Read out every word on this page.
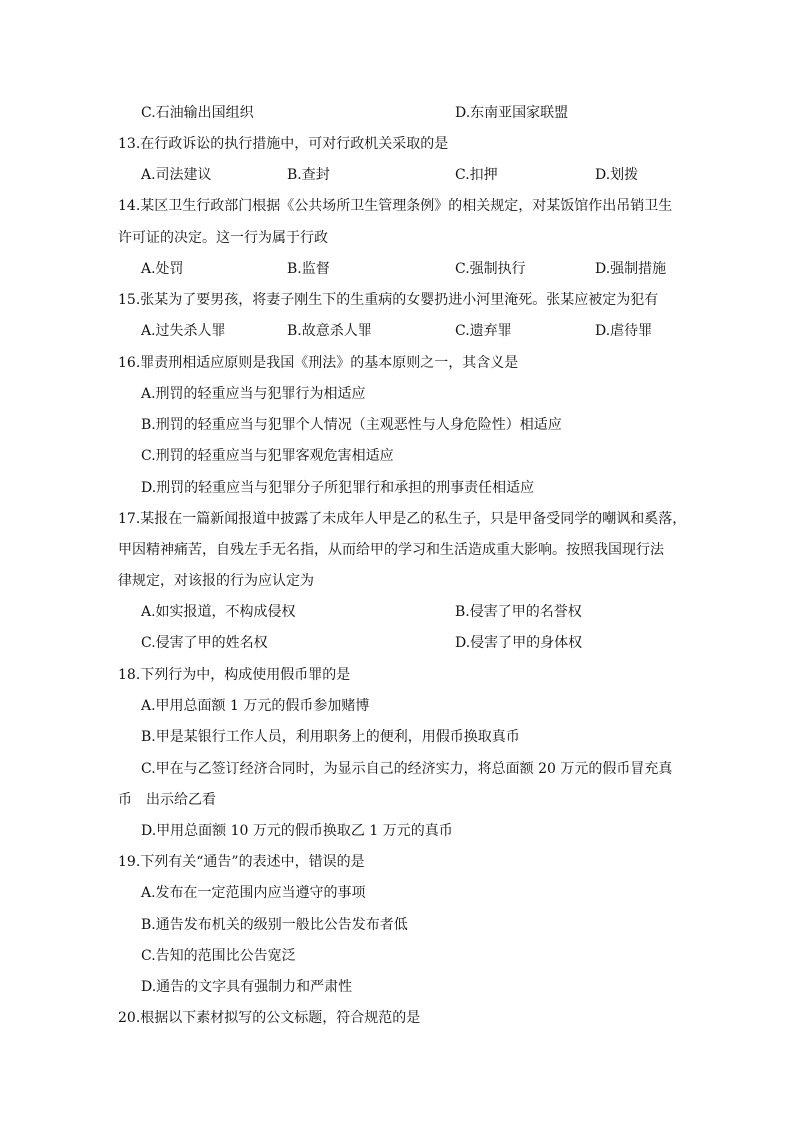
C.石油输出国组织	D.东南亚国家联盟
13.在行政诉讼的执行措施中，可对行政机关采取的是
A.司法建议	B.查封	C.扣押	D.划拨
14.某区卫生行政部门根据《公共场所卫生管理条例》的相关规定，对某饭馆作出吊销卫生
许可证的决定。这一行为属于行政
A.处罚	B.监督	C.强制执行	D.强制措施
15.张某为了要男孩，将妻子刚生下的生重病的女婴扔进小河里淹死。张某应被定为犯有
A.过失杀人罪	B.故意杀人罪	C.遗弃罪	D.虐待罪
16.罪责刑相适应原则是我国《刑法》的基本原则之一，其含义是
A.刑罚的轻重应当与犯罪行为相适应
B.刑罚的轻重应当与犯罪个人情况（主观恶性与人身危险性）相适应
C.刑罚的轻重应当与犯罪客观危害相适应
D.刑罚的轻重应当与犯罪分子所犯罪行和承担的刑事责任相适应
17.某报在一篇新闻报道中披露了未成年人甲是乙的私生子，只是甲备受同学的嘲讽和奚落，
甲因精神痛苦，自残左手无名指，从而给甲的学习和生活造成重大影响。按照我国现行法
律规定，对该报的行为应认定为
A.如实报道，不构成侵权	B.侵害了甲的名誉权
C.侵害了甲的姓名权	D.侵害了甲的身体权
18.下列行为中，构成使用假币罪的是
A.甲用总面额 1 万元的假币参加赌博
B.甲是某银行工作人员，利用职务上的便利，用假币换取真币
C.甲在与乙签订经济合同时，为显示自己的经济实力，将总面额 20 万元的假币冒充真
币　出示给乙看
D.甲用总面额 10 万元的假币换取乙 1 万元的真币
19.下列有关“通告”的表述中，错误的是
A.发布在一定范围内应当遵守的事项
B.通告发布机关的级别一般比公告发布者低
C.告知的范围比公告宽泛
D.通告的文字具有强制力和严肃性
20.根据以下素材拟写的公文标题，符合规范的是
